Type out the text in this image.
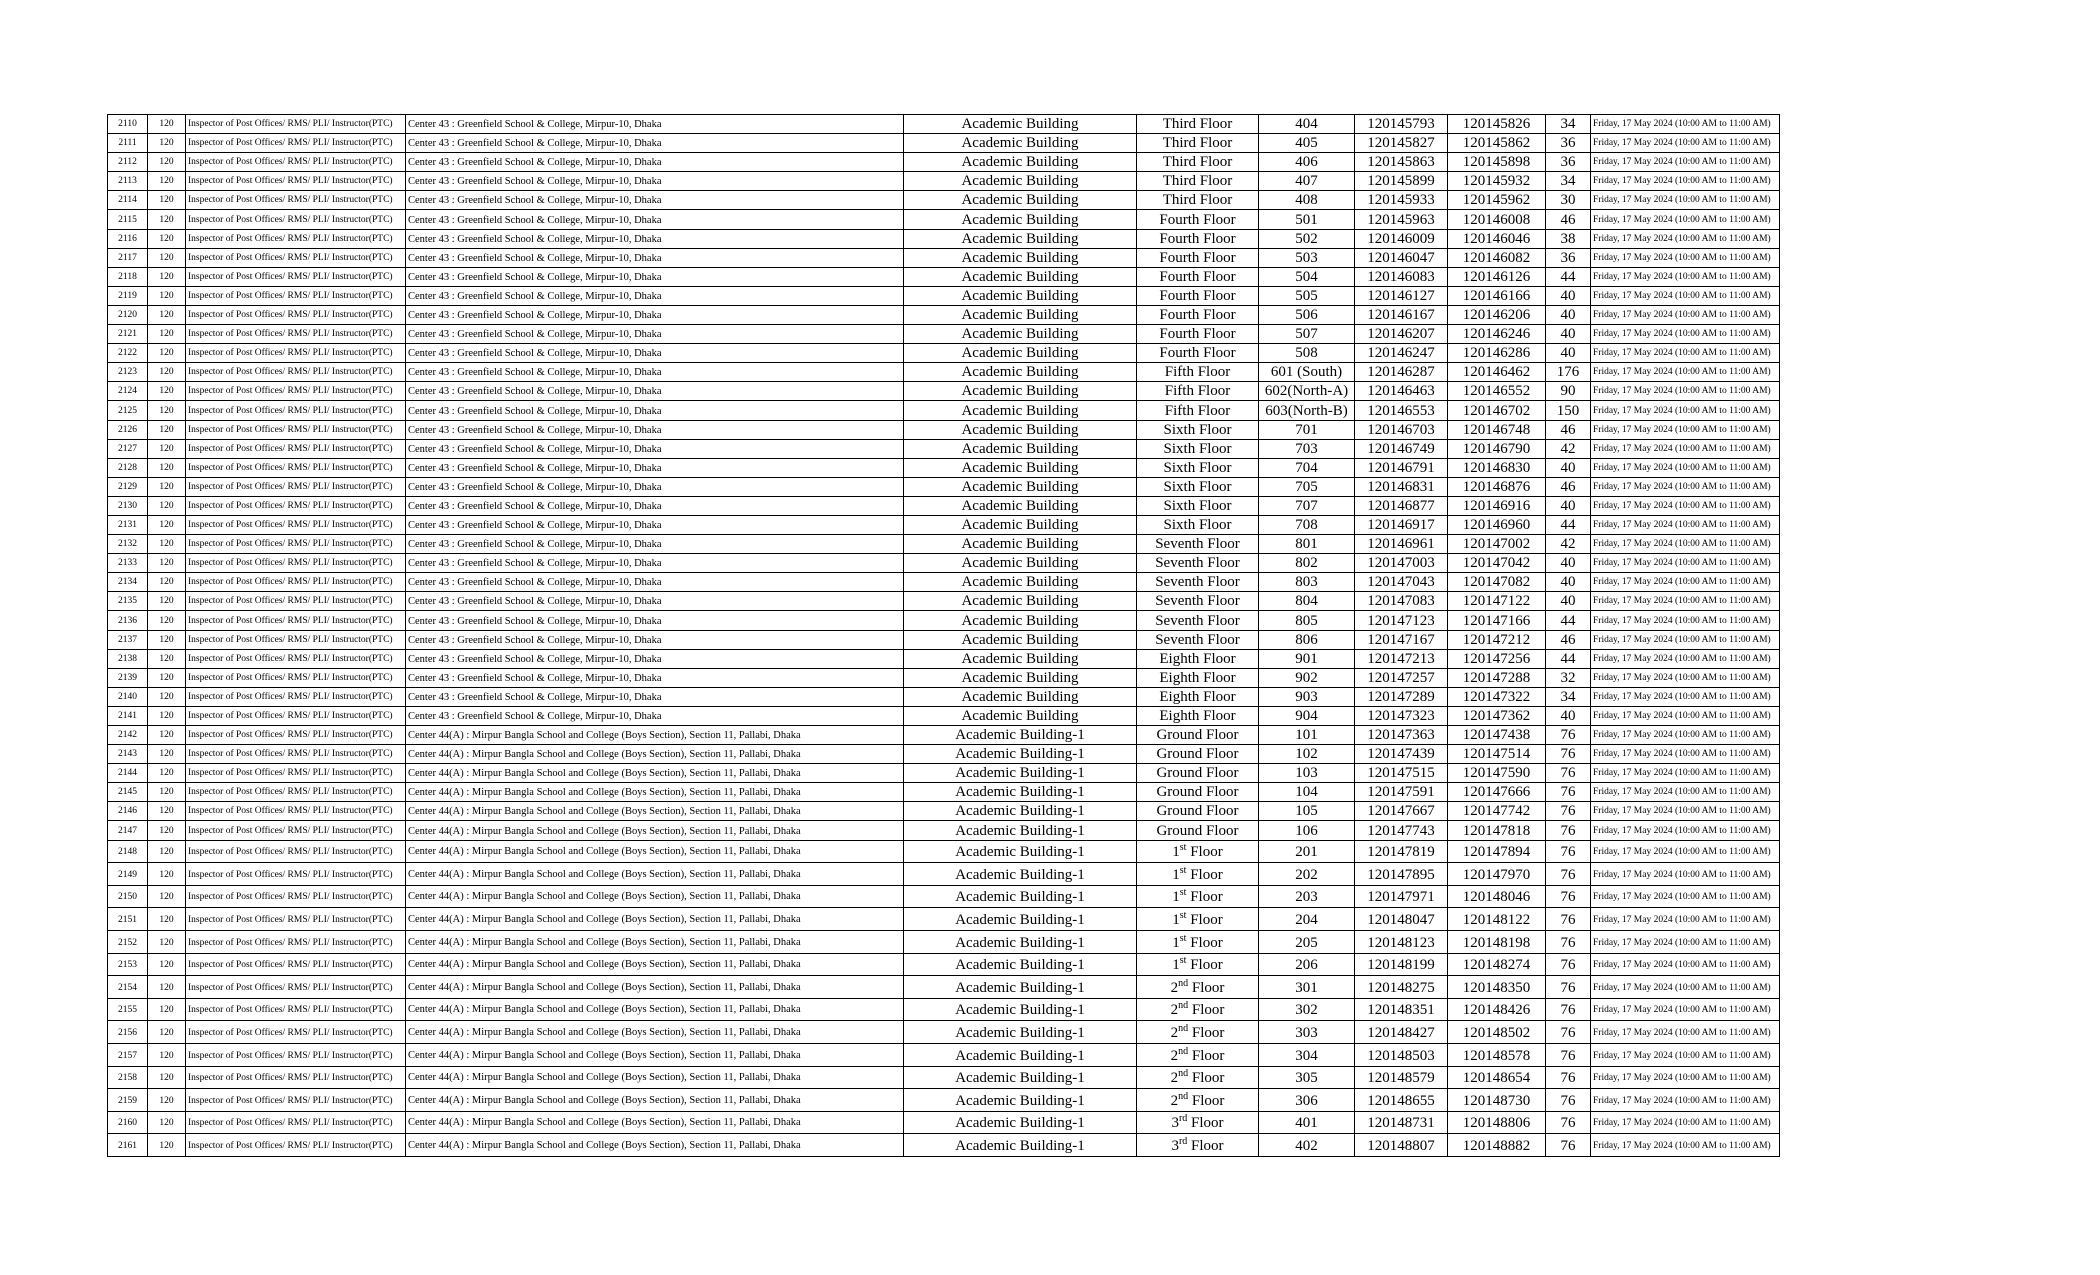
2110	120	Inspector of Post Offices/ RMS/ PLI/ Instructor(PTC)	Center 43 : Greenfield School & College, Mirpur-10, Dhaka	Academic Building	Third Floor	404	120145793	120145826	34	Friday, 17 May 2024 (10:00 AM to 11:00 AM)
2111	120	Inspector of Post Offices/ RMS/ PLI/ Instructor(PTC)	Center 43 : Greenfield School & College, Mirpur-10, Dhaka	Academic Building	Third Floor	405	120145827	120145862	36	Friday, 17 May 2024 (10:00 AM to 11:00 AM)
2112	120	Inspector of Post Offices/ RMS/ PLI/ Instructor(PTC)	Center 43 : Greenfield School & College, Mirpur-10, Dhaka	Academic Building	Third Floor	406	120145863	120145898	36	Friday, 17 May 2024 (10:00 AM to 11:00 AM)
2113	120	Inspector of Post Offices/ RMS/ PLI/ Instructor(PTC)	Center 43 : Greenfield School & College, Mirpur-10, Dhaka	Academic Building	Third Floor	407	120145899	120145932	34	Friday, 17 May 2024 (10:00 AM to 11:00 AM)
2114	120	Inspector of Post Offices/ RMS/ PLI/ Instructor(PTC)	Center 43 : Greenfield School & College, Mirpur-10, Dhaka	Academic Building	Third Floor	408	120145933	120145962	30	Friday, 17 May 2024 (10:00 AM to 11:00 AM)
2115	120	Inspector of Post Offices/ RMS/ PLI/ Instructor(PTC)	Center 43 : Greenfield School & College, Mirpur-10, Dhaka	Academic Building	Fourth Floor	501	120145963	120146008	46	Friday, 17 May 2024 (10:00 AM to 11:00 AM)
2116	120	Inspector of Post Offices/ RMS/ PLI/ Instructor(PTC)	Center 43 : Greenfield School & College, Mirpur-10, Dhaka	Academic Building	Fourth Floor	502	120146009	120146046	38	Friday, 17 May 2024 (10:00 AM to 11:00 AM)
2117	120	Inspector of Post Offices/ RMS/ PLI/ Instructor(PTC)	Center 43 : Greenfield School & College, Mirpur-10, Dhaka	Academic Building	Fourth Floor	503	120146047	120146082	36	Friday, 17 May 2024 (10:00 AM to 11:00 AM)
2118	120	Inspector of Post Offices/ RMS/ PLI/ Instructor(PTC)	Center 43 : Greenfield School & College, Mirpur-10, Dhaka	Academic Building	Fourth Floor	504	120146083	120146126	44	Friday, 17 May 2024 (10:00 AM to 11:00 AM)
2119	120	Inspector of Post Offices/ RMS/ PLI/ Instructor(PTC)	Center 43 : Greenfield School & College, Mirpur-10, Dhaka	Academic Building	Fourth Floor	505	120146127	120146166	40	Friday, 17 May 2024 (10:00 AM to 11:00 AM)
2120	120	Inspector of Post Offices/ RMS/ PLI/ Instructor(PTC)	Center 43 : Greenfield School & College, Mirpur-10, Dhaka	Academic Building	Fourth Floor	506	120146167	120146206	40	Friday, 17 May 2024 (10:00 AM to 11:00 AM)
2121	120	Inspector of Post Offices/ RMS/ PLI/ Instructor(PTC)	Center 43 : Greenfield School & College, Mirpur-10, Dhaka	Academic Building	Fourth Floor	507	120146207	120146246	40	Friday, 17 May 2024 (10:00 AM to 11:00 AM)
2122	120	Inspector of Post Offices/ RMS/ PLI/ Instructor(PTC)	Center 43 : Greenfield School & College, Mirpur-10, Dhaka	Academic Building	Fourth Floor	508	120146247	120146286	40	Friday, 17 May 2024 (10:00 AM to 11:00 AM)
2123	120	Inspector of Post Offices/ RMS/ PLI/ Instructor(PTC)	Center 43 : Greenfield School & College, Mirpur-10, Dhaka	Academic Building	Fifth Floor	601 (South)	120146287	120146462	176	Friday, 17 May 2024 (10:00 AM to 11:00 AM)
2124	120	Inspector of Post Offices/ RMS/ PLI/ Instructor(PTC)	Center 43 : Greenfield School & College, Mirpur-10, Dhaka	Academic Building	Fifth Floor	602(North-A)	120146463	120146552	90	Friday, 17 May 2024 (10:00 AM to 11:00 AM)
2125	120	Inspector of Post Offices/ RMS/ PLI/ Instructor(PTC)	Center 43 : Greenfield School & College, Mirpur-10, Dhaka	Academic Building	Fifth Floor	603(North-B)	120146553	120146702	150	Friday, 17 May 2024 (10:00 AM to 11:00 AM)
2126	120	Inspector of Post Offices/ RMS/ PLI/ Instructor(PTC)	Center 43 : Greenfield School & College, Mirpur-10, Dhaka	Academic Building	Sixth Floor	701	120146703	120146748	46	Friday, 17 May 2024 (10:00 AM to 11:00 AM)
2127	120	Inspector of Post Offices/ RMS/ PLI/ Instructor(PTC)	Center 43 : Greenfield School & College, Mirpur-10, Dhaka	Academic Building	Sixth Floor	703	120146749	120146790	42	Friday, 17 May 2024 (10:00 AM to 11:00 AM)
2128	120	Inspector of Post Offices/ RMS/ PLI/ Instructor(PTC)	Center 43 : Greenfield School & College, Mirpur-10, Dhaka	Academic Building	Sixth Floor	704	120146791	120146830	40	Friday, 17 May 2024 (10:00 AM to 11:00 AM)
2129	120	Inspector of Post Offices/ RMS/ PLI/ Instructor(PTC)	Center 43 : Greenfield School & College, Mirpur-10, Dhaka	Academic Building	Sixth Floor	705	120146831	120146876	46	Friday, 17 May 2024 (10:00 AM to 11:00 AM)
2130	120	Inspector of Post Offices/ RMS/ PLI/ Instructor(PTC)	Center 43 : Greenfield School & College, Mirpur-10, Dhaka	Academic Building	Sixth Floor	707	120146877	120146916	40	Friday, 17 May 2024 (10:00 AM to 11:00 AM)
2131	120	Inspector of Post Offices/ RMS/ PLI/ Instructor(PTC)	Center 43 : Greenfield School & College, Mirpur-10, Dhaka	Academic Building	Sixth Floor	708	120146917	120146960	44	Friday, 17 May 2024 (10:00 AM to 11:00 AM)
2132	120	Inspector of Post Offices/ RMS/ PLI/ Instructor(PTC)	Center 43 : Greenfield School & College, Mirpur-10, Dhaka	Academic Building	Seventh Floor	801	120146961	120147002	42	Friday, 17 May 2024 (10:00 AM to 11:00 AM)
2133	120	Inspector of Post Offices/ RMS/ PLI/ Instructor(PTC)	Center 43 : Greenfield School & College, Mirpur-10, Dhaka	Academic Building	Seventh Floor	802	120147003	120147042	40	Friday, 17 May 2024 (10:00 AM to 11:00 AM)
2134	120	Inspector of Post Offices/ RMS/ PLI/ Instructor(PTC)	Center 43 : Greenfield School & College, Mirpur-10, Dhaka	Academic Building	Seventh Floor	803	120147043	120147082	40	Friday, 17 May 2024 (10:00 AM to 11:00 AM)
2135	120	Inspector of Post Offices/ RMS/ PLI/ Instructor(PTC)	Center 43 : Greenfield School & College, Mirpur-10, Dhaka	Academic Building	Seventh Floor	804	120147083	120147122	40	Friday, 17 May 2024 (10:00 AM to 11:00 AM)
2136	120	Inspector of Post Offices/ RMS/ PLI/ Instructor(PTC)	Center 43 : Greenfield School & College, Mirpur-10, Dhaka	Academic Building	Seventh Floor	805	120147123	120147166	44	Friday, 17 May 2024 (10:00 AM to 11:00 AM)
2137	120	Inspector of Post Offices/ RMS/ PLI/ Instructor(PTC)	Center 43 : Greenfield School & College, Mirpur-10, Dhaka	Academic Building	Seventh Floor	806	120147167	120147212	46	Friday, 17 May 2024 (10:00 AM to 11:00 AM)
2138	120	Inspector of Post Offices/ RMS/ PLI/ Instructor(PTC)	Center 43 : Greenfield School & College, Mirpur-10, Dhaka	Academic Building	Eighth Floor	901	120147213	120147256	44	Friday, 17 May 2024 (10:00 AM to 11:00 AM)
2139	120	Inspector of Post Offices/ RMS/ PLI/ Instructor(PTC)	Center 43 : Greenfield School & College, Mirpur-10, Dhaka	Academic Building	Eighth Floor	902	120147257	120147288	32	Friday, 17 May 2024 (10:00 AM to 11:00 AM)
2140	120	Inspector of Post Offices/ RMS/ PLI/ Instructor(PTC)	Center 43 : Greenfield School & College, Mirpur-10, Dhaka	Academic Building	Eighth Floor	903	120147289	120147322	34	Friday, 17 May 2024 (10:00 AM to 11:00 AM)
2141	120	Inspector of Post Offices/ RMS/ PLI/ Instructor(PTC)	Center 43 : Greenfield School & College, Mirpur-10, Dhaka	Academic Building	Eighth Floor	904	120147323	120147362	40	Friday, 17 May 2024 (10:00 AM to 11:00 AM)
2142	120	Inspector of Post Offices/ RMS/ PLI/ Instructor(PTC)	Center 44(A) : Mirpur Bangla School and College (Boys Section), Section 11, Pallabi, Dhaka	Academic Building-1	Ground Floor	101	120147363	120147438	76	Friday, 17 May 2024 (10:00 AM to 11:00 AM)
2143	120	Inspector of Post Offices/ RMS/ PLI/ Instructor(PTC)	Center 44(A) : Mirpur Bangla School and College (Boys Section), Section 11, Pallabi, Dhaka	Academic Building-1	Ground Floor	102	120147439	120147514	76	Friday, 17 May 2024 (10:00 AM to 11:00 AM)
2144	120	Inspector of Post Offices/ RMS/ PLI/ Instructor(PTC)	Center 44(A) : Mirpur Bangla School and College (Boys Section), Section 11, Pallabi, Dhaka	Academic Building-1	Ground Floor	103	120147515	120147590	76	Friday, 17 May 2024 (10:00 AM to 11:00 AM)
2145	120	Inspector of Post Offices/ RMS/ PLI/ Instructor(PTC)	Center 44(A) : Mirpur Bangla School and College (Boys Section), Section 11, Pallabi, Dhaka	Academic Building-1	Ground Floor	104	120147591	120147666	76	Friday, 17 May 2024 (10:00 AM to 11:00 AM)
2146	120	Inspector of Post Offices/ RMS/ PLI/ Instructor(PTC)	Center 44(A) : Mirpur Bangla School and College (Boys Section), Section 11, Pallabi, Dhaka	Academic Building-1	Ground Floor	105	120147667	120147742	76	Friday, 17 May 2024 (10:00 AM to 11:00 AM)
2147	120	Inspector of Post Offices/ RMS/ PLI/ Instructor(PTC)	Center 44(A) : Mirpur Bangla School and College (Boys Section), Section 11, Pallabi, Dhaka	Academic Building-1	Ground Floor	106	120147743	120147818	76	Friday, 17 May 2024 (10:00 AM to 11:00 AM)
2148	120	Inspector of Post Offices/ RMS/ PLI/ Instructor(PTC)	Center 44(A) : Mirpur Bangla School and College (Boys Section), Section 11, Pallabi, Dhaka	Academic Building-1	1st Floor	201	120147819	120147894	76	Friday, 17 May 2024 (10:00 AM to 11:00 AM)
2149	120	Inspector of Post Offices/ RMS/ PLI/ Instructor(PTC)	Center 44(A) : Mirpur Bangla School and College (Boys Section), Section 11, Pallabi, Dhaka	Academic Building-1	1st Floor	202	120147895	120147970	76	Friday, 17 May 2024 (10:00 AM to 11:00 AM)
2150	120	Inspector of Post Offices/ RMS/ PLI/ Instructor(PTC)	Center 44(A) : Mirpur Bangla School and College (Boys Section), Section 11, Pallabi, Dhaka	Academic Building-1	1st Floor	203	120147971	120148046	76	Friday, 17 May 2024 (10:00 AM to 11:00 AM)
2151	120	Inspector of Post Offices/ RMS/ PLI/ Instructor(PTC)	Center 44(A) : Mirpur Bangla School and College (Boys Section), Section 11, Pallabi, Dhaka	Academic Building-1	1st Floor	204	120148047	120148122	76	Friday, 17 May 2024 (10:00 AM to 11:00 AM)
2152	120	Inspector of Post Offices/ RMS/ PLI/ Instructor(PTC)	Center 44(A) : Mirpur Bangla School and College (Boys Section), Section 11, Pallabi, Dhaka	Academic Building-1	1st Floor	205	120148123	120148198	76	Friday, 17 May 2024 (10:00 AM to 11:00 AM)
2153	120	Inspector of Post Offices/ RMS/ PLI/ Instructor(PTC)	Center 44(A) : Mirpur Bangla School and College (Boys Section), Section 11, Pallabi, Dhaka	Academic Building-1	1st Floor	206	120148199	120148274	76	Friday, 17 May 2024 (10:00 AM to 11:00 AM)
2154	120	Inspector of Post Offices/ RMS/ PLI/ Instructor(PTC)	Center 44(A) : Mirpur Bangla School and College (Boys Section), Section 11, Pallabi, Dhaka	Academic Building-1	2nd Floor	301	120148275	120148350	76	Friday, 17 May 2024 (10:00 AM to 11:00 AM)
2155	120	Inspector of Post Offices/ RMS/ PLI/ Instructor(PTC)	Center 44(A) : Mirpur Bangla School and College (Boys Section), Section 11, Pallabi, Dhaka	Academic Building-1	2nd Floor	302	120148351	120148426	76	Friday, 17 May 2024 (10:00 AM to 11:00 AM)
2156	120	Inspector of Post Offices/ RMS/ PLI/ Instructor(PTC)	Center 44(A) : Mirpur Bangla School and College (Boys Section), Section 11, Pallabi, Dhaka	Academic Building-1	2nd Floor	303	120148427	120148502	76	Friday, 17 May 2024 (10:00 AM to 11:00 AM)
2157	120	Inspector of Post Offices/ RMS/ PLI/ Instructor(PTC)	Center 44(A) : Mirpur Bangla School and College (Boys Section), Section 11, Pallabi, Dhaka	Academic Building-1	2nd Floor	304	120148503	120148578	76	Friday, 17 May 2024 (10:00 AM to 11:00 AM)
2158	120	Inspector of Post Offices/ RMS/ PLI/ Instructor(PTC)	Center 44(A) : Mirpur Bangla School and College (Boys Section), Section 11, Pallabi, Dhaka	Academic Building-1	2nd Floor	305	120148579	120148654	76	Friday, 17 May 2024 (10:00 AM to 11:00 AM)
2159	120	Inspector of Post Offices/ RMS/ PLI/ Instructor(PTC)	Center 44(A) : Mirpur Bangla School and College (Boys Section), Section 11, Pallabi, Dhaka	Academic Building-1	2nd Floor	306	120148655	120148730	76	Friday, 17 May 2024 (10:00 AM to 11:00 AM)
2160	120	Inspector of Post Offices/ RMS/ PLI/ Instructor(PTC)	Center 44(A) : Mirpur Bangla School and College (Boys Section), Section 11, Pallabi, Dhaka	Academic Building-1	3rd Floor	401	120148731	120148806	76	Friday, 17 May 2024 (10:00 AM to 11:00 AM)
2161	120	Inspector of Post Offices/ RMS/ PLI/ Instructor(PTC)	Center 44(A) : Mirpur Bangla School and College (Boys Section), Section 11, Pallabi, Dhaka	Academic Building-1	3rd Floor	402	120148807	120148882	76	Friday, 17 May 2024 (10:00 AM to 11:00 AM)
